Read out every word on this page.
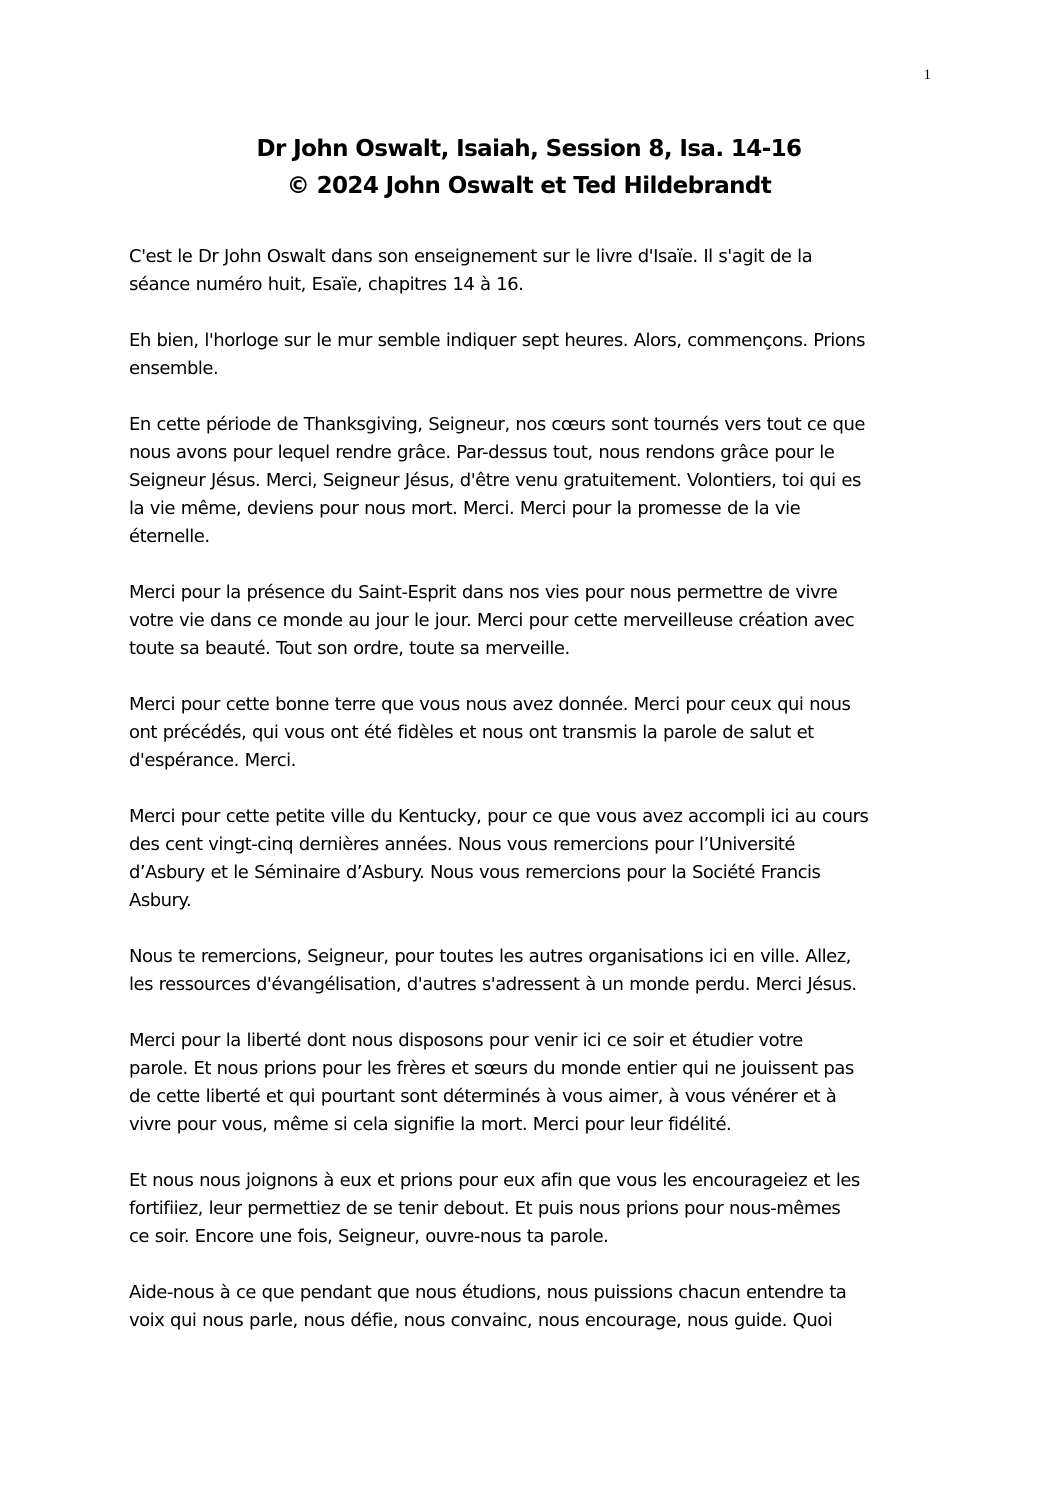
1
Dr John Oswalt, Isaiah, Session 8, Isa. 14-16
© 2024 John Oswalt et Ted Hildebrandt

C'est le Dr John Oswalt dans son enseignement sur le livre d'Isaïe. Il s'agit de la
séance numéro huit, Esaïe, chapitres 14 à 16.

Eh bien, l'horloge sur le mur semble indiquer sept heures. Alors, commençons. Prions
ensemble.

En cette période de Thanksgiving, Seigneur, nos cœurs sont tournés vers tout ce que
nous avons pour lequel rendre grâce. Par-dessus tout, nous rendons grâce pour le
Seigneur Jésus. Merci, Seigneur Jésus, d'être venu gratuitement. Volontiers, toi qui es
la vie même, deviens pour nous mort. Merci. Merci pour la promesse de la vie
éternelle.

Merci pour la présence du Saint-Esprit dans nos vies pour nous permettre de vivre
votre vie dans ce monde au jour le jour. Merci pour cette merveilleuse création avec
toute sa beauté. Tout son ordre, toute sa merveille.

Merci pour cette bonne terre que vous nous avez donnée. Merci pour ceux qui nous
ont précédés, qui vous ont été fidèles et nous ont transmis la parole de salut et
d'espérance. Merci.

Merci pour cette petite ville du Kentucky, pour ce que vous avez accompli ici au cours
des cent vingt-cinq dernières années. Nous vous remercions pour l’Université
d’Asbury et le Séminaire d’Asbury. Nous vous remercions pour la Société Francis
Asbury.

Nous te remercions, Seigneur, pour toutes les autres organisations ici en ville. Allez,
les ressources d'évangélisation, d'autres s'adressent à un monde perdu. Merci Jésus.

Merci pour la liberté dont nous disposons pour venir ici ce soir et étudier votre
parole. Et nous prions pour les frères et sœurs du monde entier qui ne jouissent pas
de cette liberté et qui pourtant sont déterminés à vous aimer, à vous vénérer et à
vivre pour vous, même si cela signifie la mort. Merci pour leur fidélité.

Et nous nous joignons à eux et prions pour eux afin que vous les encourageiez et les
fortifiiez, leur permettiez de se tenir debout. Et puis nous prions pour nous-mêmes
ce soir. Encore une fois, Seigneur, ouvre-nous ta parole.

Aide-nous à ce que pendant que nous étudions, nous puissions chacun entendre ta
voix qui nous parle, nous défie, nous convainc, nous encourage, nous guide. Quoi
